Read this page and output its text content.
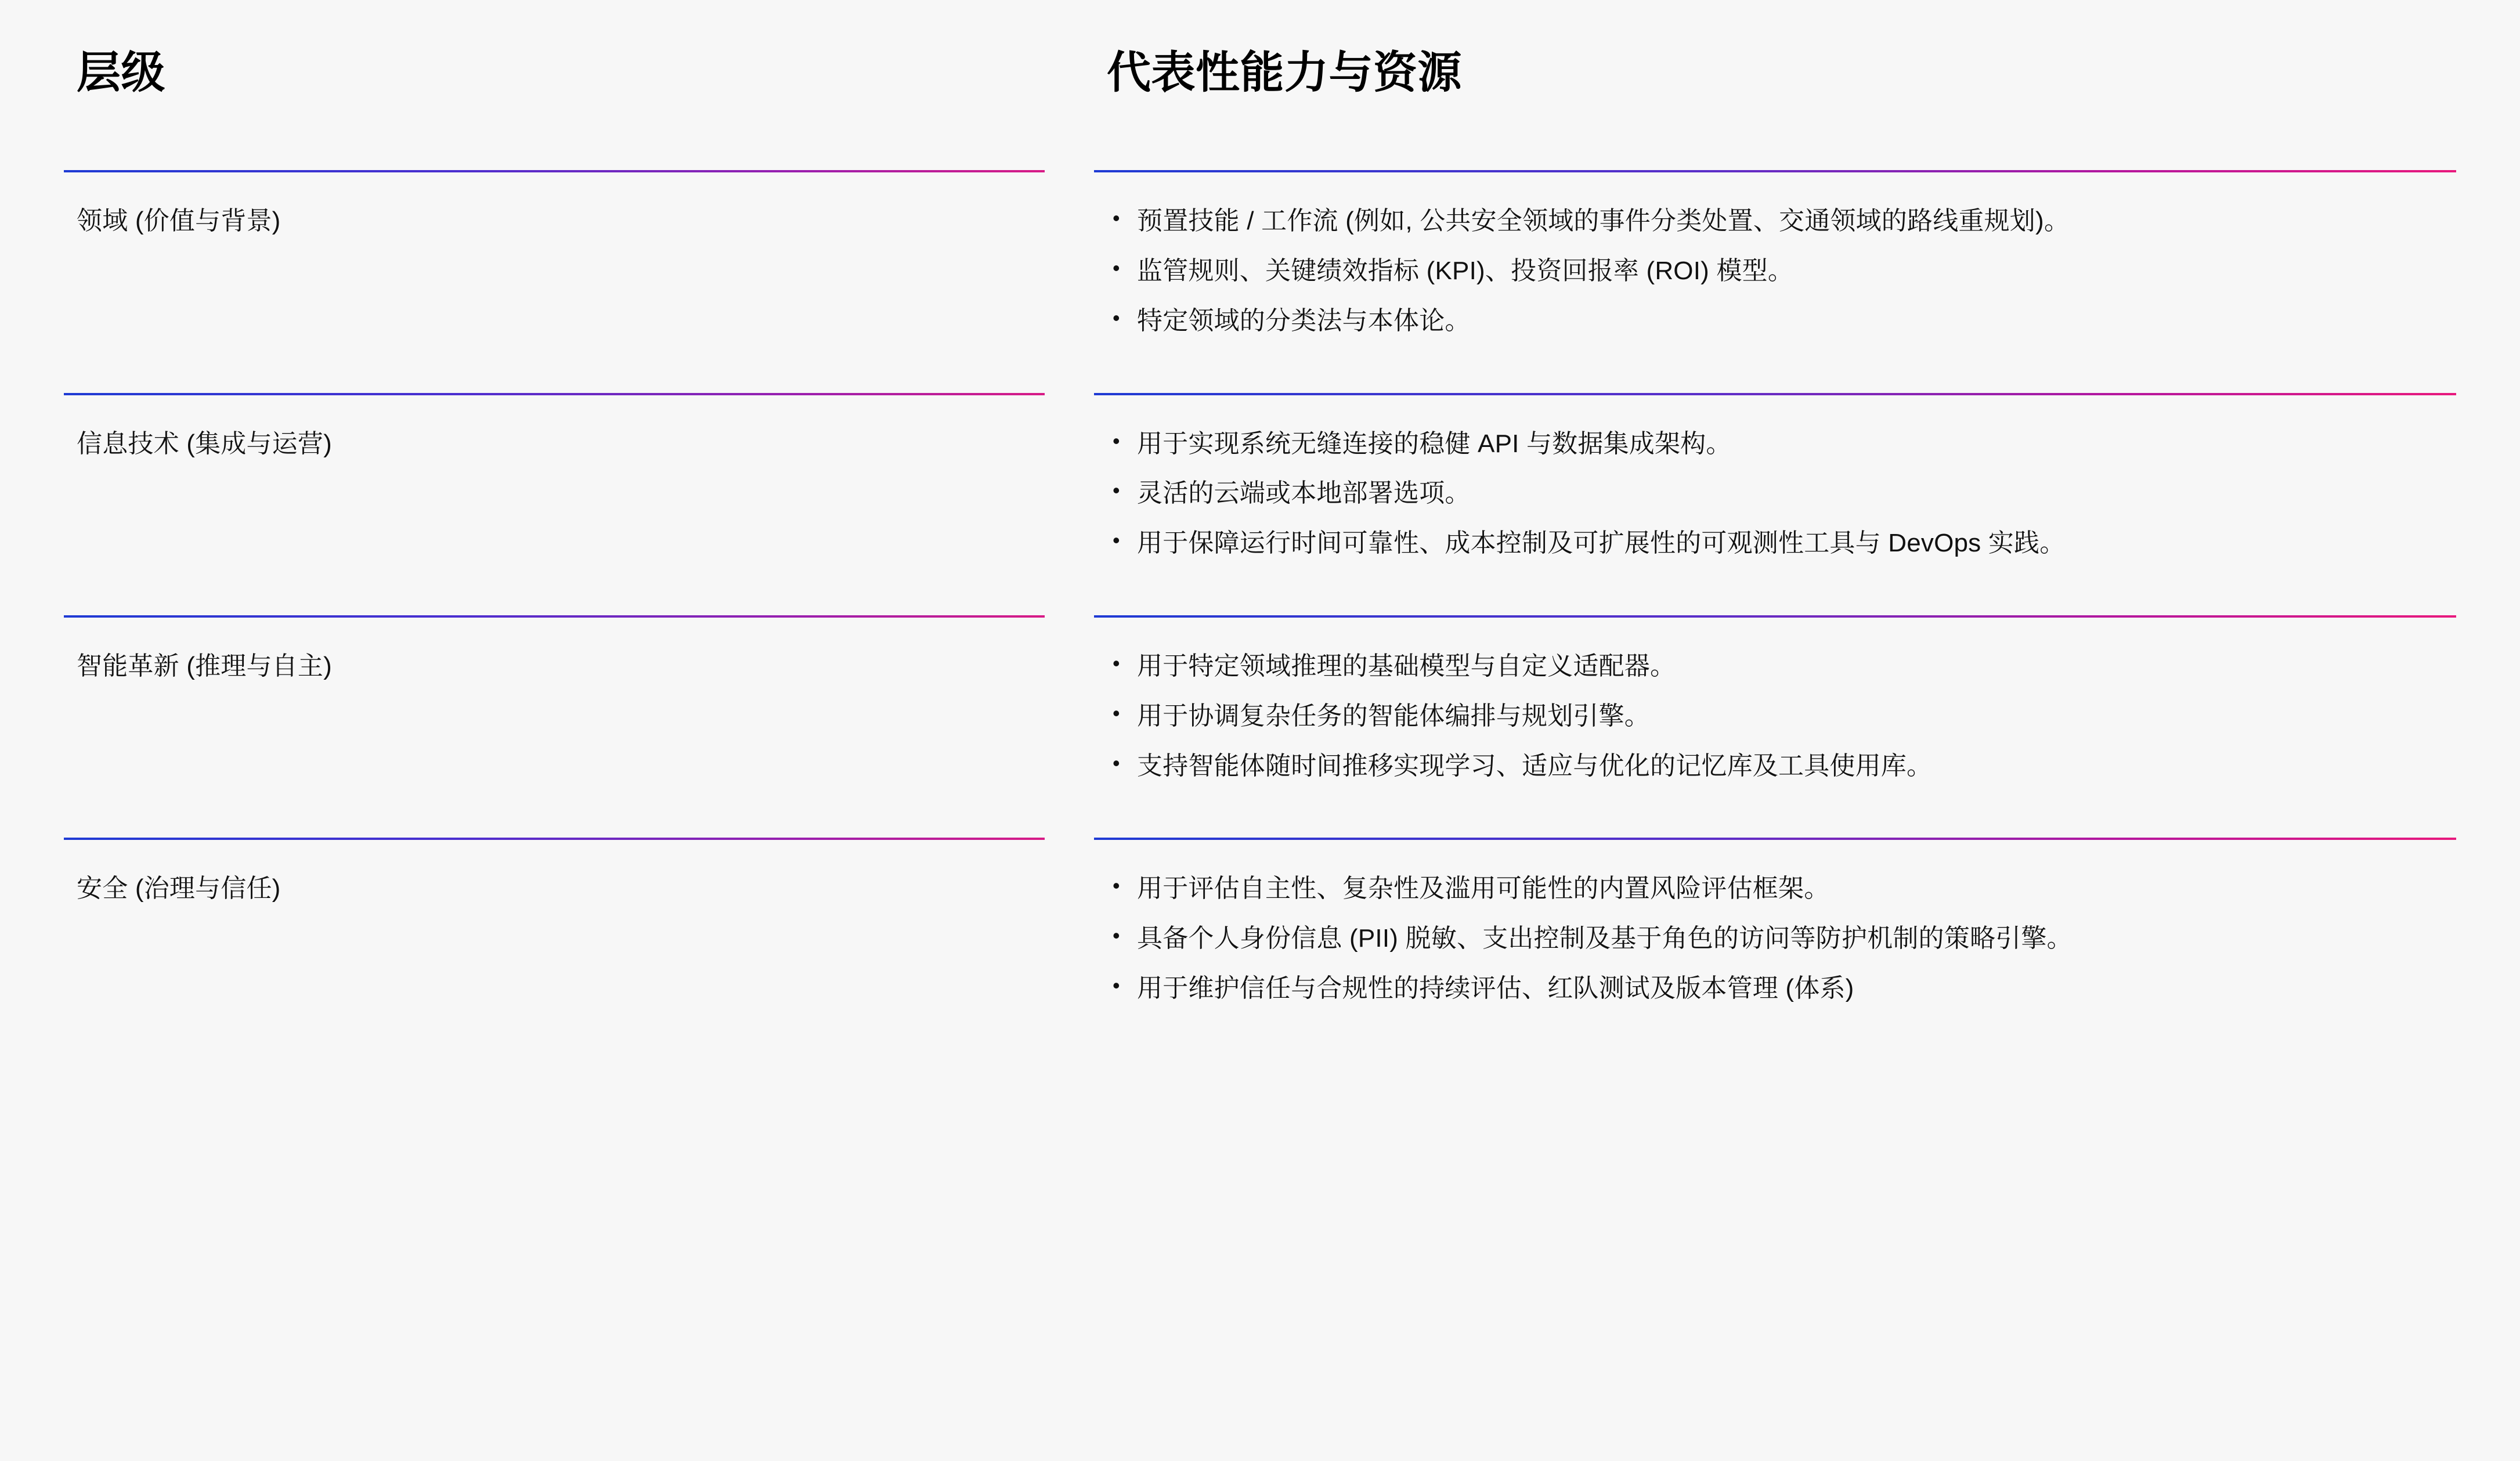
层级	代表性能力与资源
领域 (价值与背景)	• 预置技能 / 工作流 (例如, 公共安全领域的事件分类处置、交通领域的路线重规划)。
• 监管规则、关键绩效指标 (KPI)、投资回报率 (ROI) 模型。
• 特定领域的分类法与本体论。
信息技术 (集成与运营)	• 用于实现系统无缝连接的稳健 API 与数据集成架构。
• 灵活的云端或本地部署选项。
• 用于保障运行时间可靠性、成本控制及可扩展性的可观测性工具与 DevOps 实践。
智能革新 (推理与自主)	• 用于特定领域推理的基础模型与自定义适配器。
• 用于协调复杂任务的智能体编排与规划引擎。
• 支持智能体随时间推移实现学习、适应与优化的记忆库及工具使用库。
安全 (治理与信任)	• 用于评估自主性、复杂性及滥用可能性的内置风险评估框架。
• 具备个人身份信息 (PII) 脱敏、支出控制及基于角色的访问等防护机制的策略引擎。
• 用于维护信任与合规性的持续评估、红队测试及版本管理 (体系)
